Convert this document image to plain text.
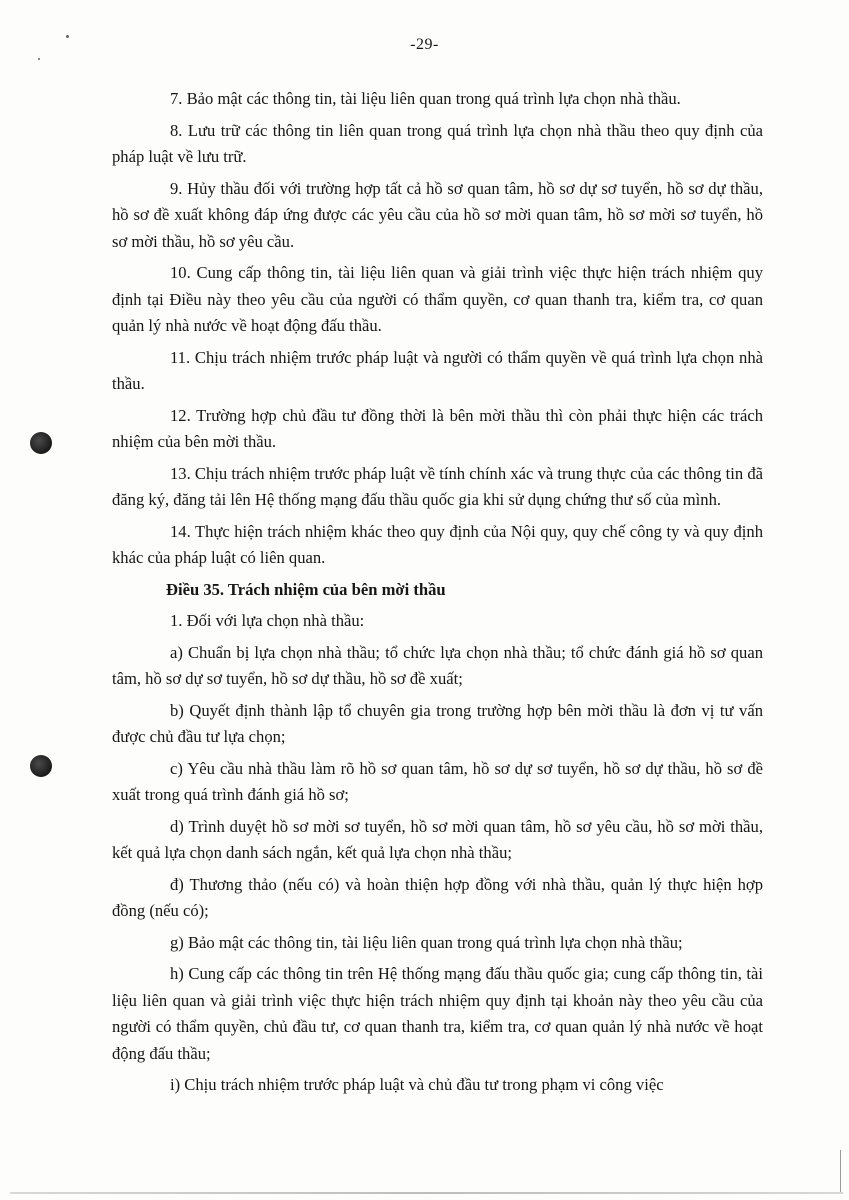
-29-

7. Bảo mật các thông tin, tài liệu liên quan trong quá trình lựa chọn nhà thầu.

8. Lưu trữ các thông tin liên quan trong quá trình lựa chọn nhà thầu theo quy định của pháp luật về lưu trữ.

9. Hủy thầu đối với trường hợp tất cả hồ sơ quan tâm, hồ sơ dự sơ tuyển, hồ sơ dự thầu, hồ sơ đề xuất không đáp ứng được các yêu cầu của hồ sơ mời quan tâm, hồ sơ mời sơ tuyển, hồ sơ mời thầu, hồ sơ yêu cầu.

10. Cung cấp thông tin, tài liệu liên quan và giải trình việc thực hiện trách nhiệm quy định tại Điều này theo yêu cầu của người có thẩm quyền, cơ quan thanh tra, kiểm tra, cơ quan quản lý nhà nước về hoạt động đấu thầu.

11. Chịu trách nhiệm trước pháp luật và người có thẩm quyền về quá trình lựa chọn nhà thầu.

12. Trường hợp chủ đầu tư đồng thời là bên mời thầu thì còn phải thực hiện các trách nhiệm của bên mời thầu.

13. Chịu trách nhiệm trước pháp luật về tính chính xác và trung thực của các thông tin đã đăng ký, đăng tải lên Hệ thống mạng đấu thầu quốc gia khi sử dụng chứng thư số của mình.

14. Thực hiện trách nhiệm khác theo quy định của Nội quy, quy chế công ty và quy định khác của pháp luật có liên quan.

Điều 35. Trách nhiệm của bên mời thầu

1. Đối với lựa chọn nhà thầu:

a) Chuẩn bị lựa chọn nhà thầu; tổ chức lựa chọn nhà thầu; tổ chức đánh giá hồ sơ quan tâm, hồ sơ dự sơ tuyển, hồ sơ dự thầu, hồ sơ đề xuất;

b) Quyết định thành lập tổ chuyên gia trong trường hợp bên mời thầu là đơn vị tư vấn được chủ đầu tư lựa chọn;

c) Yêu cầu nhà thầu làm rõ hồ sơ quan tâm, hồ sơ dự sơ tuyển, hồ sơ dự thầu, hồ sơ đề xuất trong quá trình đánh giá hồ sơ;

d) Trình duyệt hồ sơ mời sơ tuyển, hồ sơ mời quan tâm, hồ sơ yêu cầu, hồ sơ mời thầu, kết quả lựa chọn danh sách ngắn, kết quả lựa chọn nhà thầu;

đ) Thương thảo (nếu có) và hoàn thiện hợp đồng với nhà thầu, quản lý thực hiện hợp đồng (nếu có);

g) Bảo mật các thông tin, tài liệu liên quan trong quá trình lựa chọn nhà thầu;

h) Cung cấp các thông tin trên Hệ thống mạng đấu thầu quốc gia; cung cấp thông tin, tài liệu liên quan và giải trình việc thực hiện trách nhiệm quy định tại khoản này theo yêu cầu của người có thẩm quyền, chủ đầu tư, cơ quan thanh tra, kiểm tra, cơ quan quản lý nhà nước về hoạt động đấu thầu;

i) Chịu trách nhiệm trước pháp luật và chủ đầu tư trong phạm vi công việc
